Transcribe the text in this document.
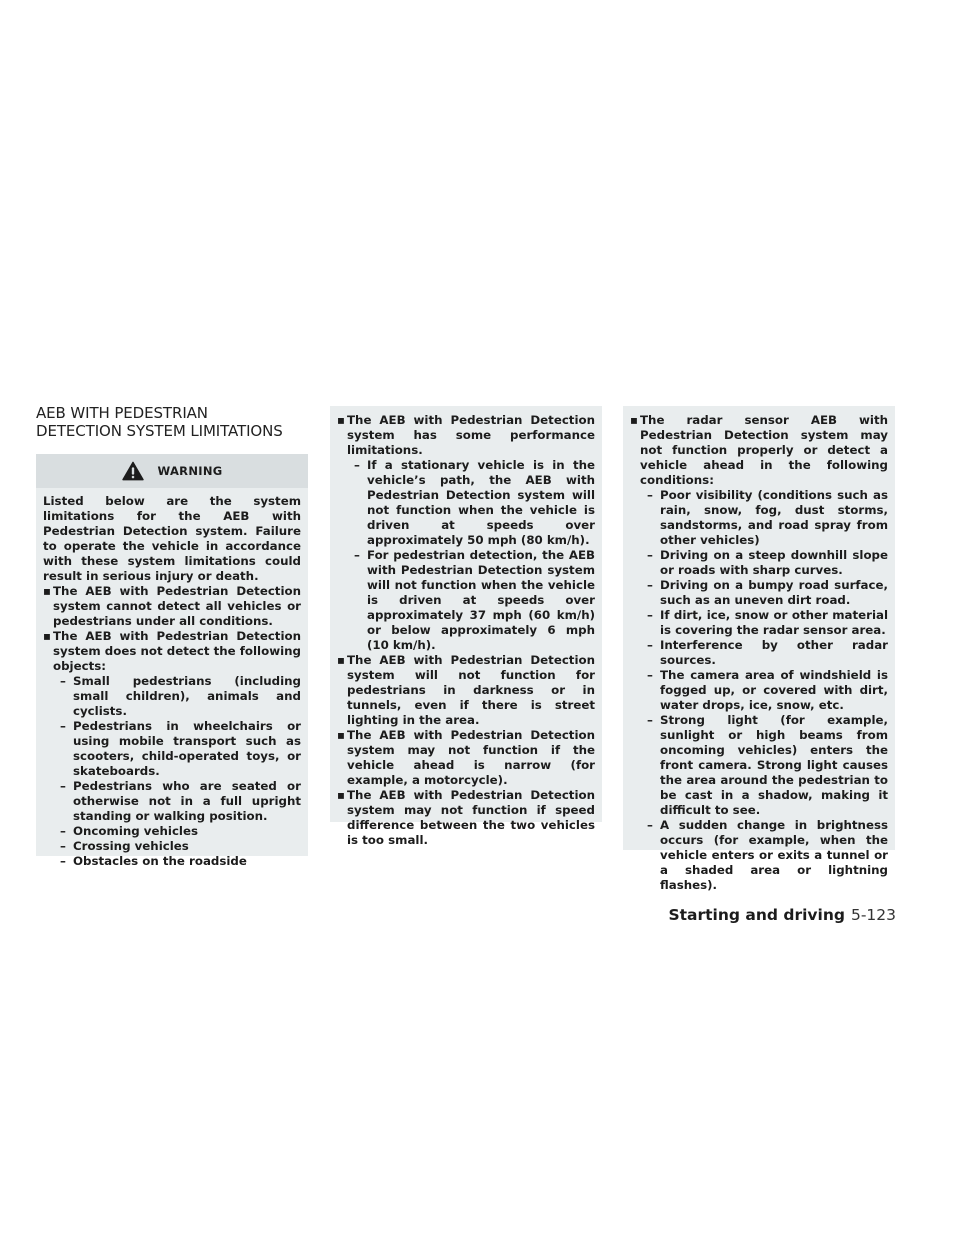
AEB WITH PEDESTRIAN
DETECTION SYSTEM LIMITATIONS
WARNING

Listed below are the system limitations for the AEB with Pedestrian Detection system. Failure to operate the vehicle in accordance with these system limitations could result in serious injury or death.

▪ The AEB with Pedestrian Detection system cannot detect all vehicles or pedestrians under all conditions.

▪ The AEB with Pedestrian Detection system does not detect the following objects:

– Small pedestrians (including small children), animals and cyclists.

– Pedestrians in wheelchairs or using mobile transport such as scooters, child-operated toys, or skateboards.

– Pedestrians who are seated or otherwise not in a full upright standing or walking position.

– Oncoming vehicles

– Crossing vehicles

– Obstacles on the roadside

▪ The AEB with Pedestrian Detection system has some performance limitations.

– If a stationary vehicle is in the vehicle’s path, the AEB with Pedestrian Detection system will not function when the vehicle is driven at speeds over approximately 50 mph (80 km/h).

– For pedestrian detection, the AEB with Pedestrian Detection system will not function when the vehicle is driven at speeds over approximately 37 mph (60 km/h) or below approximately 6 mph (10 km/h).

▪ The AEB with Pedestrian Detection system will not function for pedestrians in darkness or in tunnels, even if there is street lighting in the area.

▪ The AEB with Pedestrian Detection system may not function if the vehicle ahead is narrow (for example, a motorcycle).

▪ The AEB with Pedestrian Detection system may not function if speed difference between the two vehicles is too small.

▪ The radar sensor AEB with Pedestrian Detection system may not function properly or detect a vehicle ahead in the following conditions:

– Poor visibility (conditions such as rain, snow, fog, dust storms, sandstorms, and road spray from other vehicles)

– Driving on a steep downhill slope or roads with sharp curves.

– Driving on a bumpy road surface, such as an uneven dirt road.

– If dirt, ice, snow or other material is covering the radar sensor area.

– Interference by other radar sources.

– The camera area of windshield is fogged up, or covered with dirt, water drops, ice, snow, etc.

– Strong light (for example, sunlight or high beams from oncoming vehicles) enters the front camera. Strong light causes the area around the pedestrian to be cast in a shadow, making it difficult to see.

– A sudden change in brightness occurs (for example, when the vehicle enters or exits a tunnel or a shaded area or lightning flashes).

Starting and driving 5-123
